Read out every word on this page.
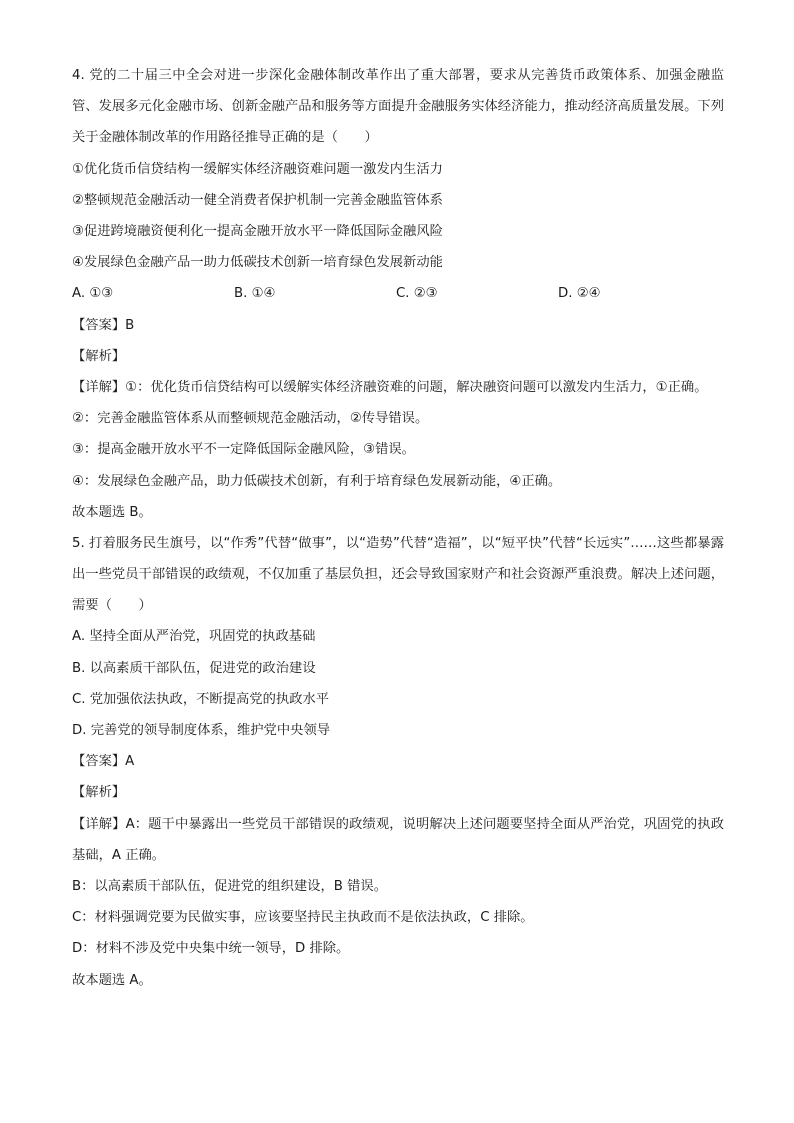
4. 党的二十届三中全会对进一步深化金融体制改革作出了重大部署，要求从完善货币政策体系、加强金融监管、发展多元化金融市场、创新金融产品和服务等方面提升金融服务实体经济能力，推动经济高质量发展。下列关于金融体制改革的作用路径推导正确的是（　　）
①优化货币信贷结构一缓解实体经济融资难问题一激发内生活力
②整顿规范金融活动一健全消费者保护机制一完善金融监管体系
③促进跨境融资便利化一提高金融开放水平一降低国际金融风险
④发展绿色金融产品一助力低碳技术创新一培育绿色发展新动能
A. ①③	B. ①④	C. ②③	D. ②④
【答案】B
【解析】
【详解】①：优化货币信贷结构可以缓解实体经济融资难的问题，解决融资问题可以激发内生活力，①正确。
②：完善金融监管体系从而整顿规范金融活动，②传导错误。
③：提高金融开放水平不一定降低国际金融风险，③错误。
④：发展绿色金融产品，助力低碳技术创新，有利于培育绿色发展新动能，④正确。
故本题选 B。
5. 打着服务民生旗号，以“作秀”代替“做事”，以“造势”代替“造福”，以“短平快”代替“长远实”……这些都暴露出一些党员干部错误的政绩观，不仅加重了基层负担，还会导致国家财产和社会资源严重浪费。解决上述问题，需要（　　）
A. 坚持全面从严治党，巩固党的执政基础
B. 以高素质干部队伍，促进党的政治建设
C. 党加强依法执政，不断提高党的执政水平
D. 完善党的领导制度体系，维护党中央领导
【答案】A
【解析】
【详解】A：题干中暴露出一些党员干部错误的政绩观，说明解决上述问题要坚持全面从严治党，巩固党的执政基础，A 正确。
B：以高素质干部队伍，促进党的组织建设，B 错误。
C：材料强调党要为民做实事，应该要坚持民主执政而不是依法执政，C 排除。
D：材料不涉及党中央集中统一领导，D 排除。
故本题选 A。
